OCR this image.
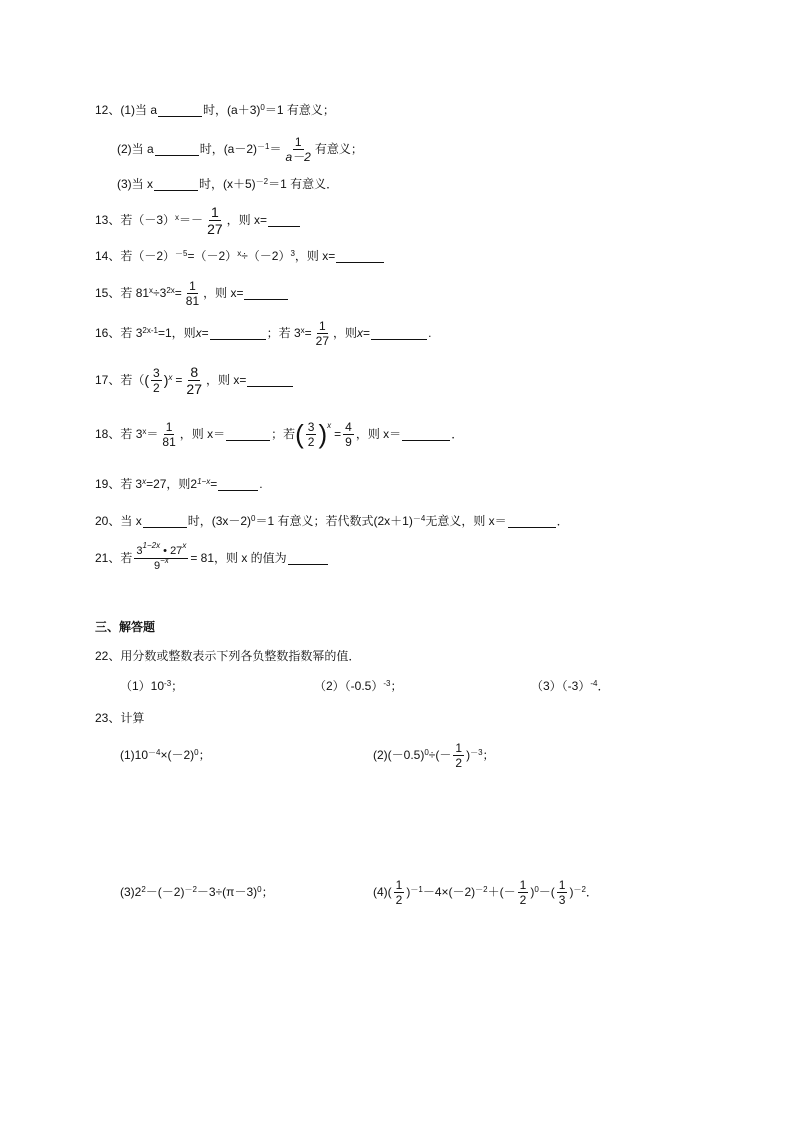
12、 (1)当 a	时，$(a+3)^0 =1$ 有意义；
(2)当 a	时，$(a-2)^{-1} = \frac{1}{a-2}$ 有意义；
(3)当 x	时，$(x+5)^{-2} =1$ 有意义．
13、 若$(-3)^x =- \frac{1}{27}$ ，则 x=
14、 若$(-2)^{-5} =(-2)^x \div(-2)^3$ ，则 x=
15、 若 $81^x \div 3^{2x} = \frac{1}{81}$ ，则 x=
16、 若 $3^{2x-1} =1$，则 x =	；若 $3^x = \frac{1}{27}$ ，则 x =	.
17、 若（ ( $\frac{3}{2} )^x = \frac{8}{27}$ ，则 x=
18、 若 $3^x = \frac{1}{81}$ ，则 x＝	；若 ( $\frac{3}{2} )^x$
= $\frac{4}{9}$ ，则 x＝	．
19、 若 $3^x =27$，则 $2^{1-x}$ =	.
20、 当 x	时，$(3x-2)^0 =1$ 有意义；若代数式$(2x+1)^{-4}$ 无意义，则 x＝	．
21、 若 $\frac{3^{1-2x} • 27^x}{9^{-x}} = 81$ ，则 x 的值为
三、解答题
22、 用分数或整数表示下列各负整数指数幂的值．
$(1)10^{-3}$ ；	$(2)(-0.5)^{-3}$ ；	$(3)(-3)^{-4}$ ．
23、 计算
$(1)10^{-4} \times(-2)^0$ ；	$(2)(-0.5)^0$ ÷(－ $\frac{1}{2} )^{-3}$ ；
$(3)2^2 -(-2)^{-2} -3\div(\pi-3)^0$ ；	$(4)( \frac{1}{2} )^{-1} -4\times(-2)^{-2}$ ＋(－ $\frac{1}{2} )^0$ －( $\frac{1}{3} )^{-2}$ ．
